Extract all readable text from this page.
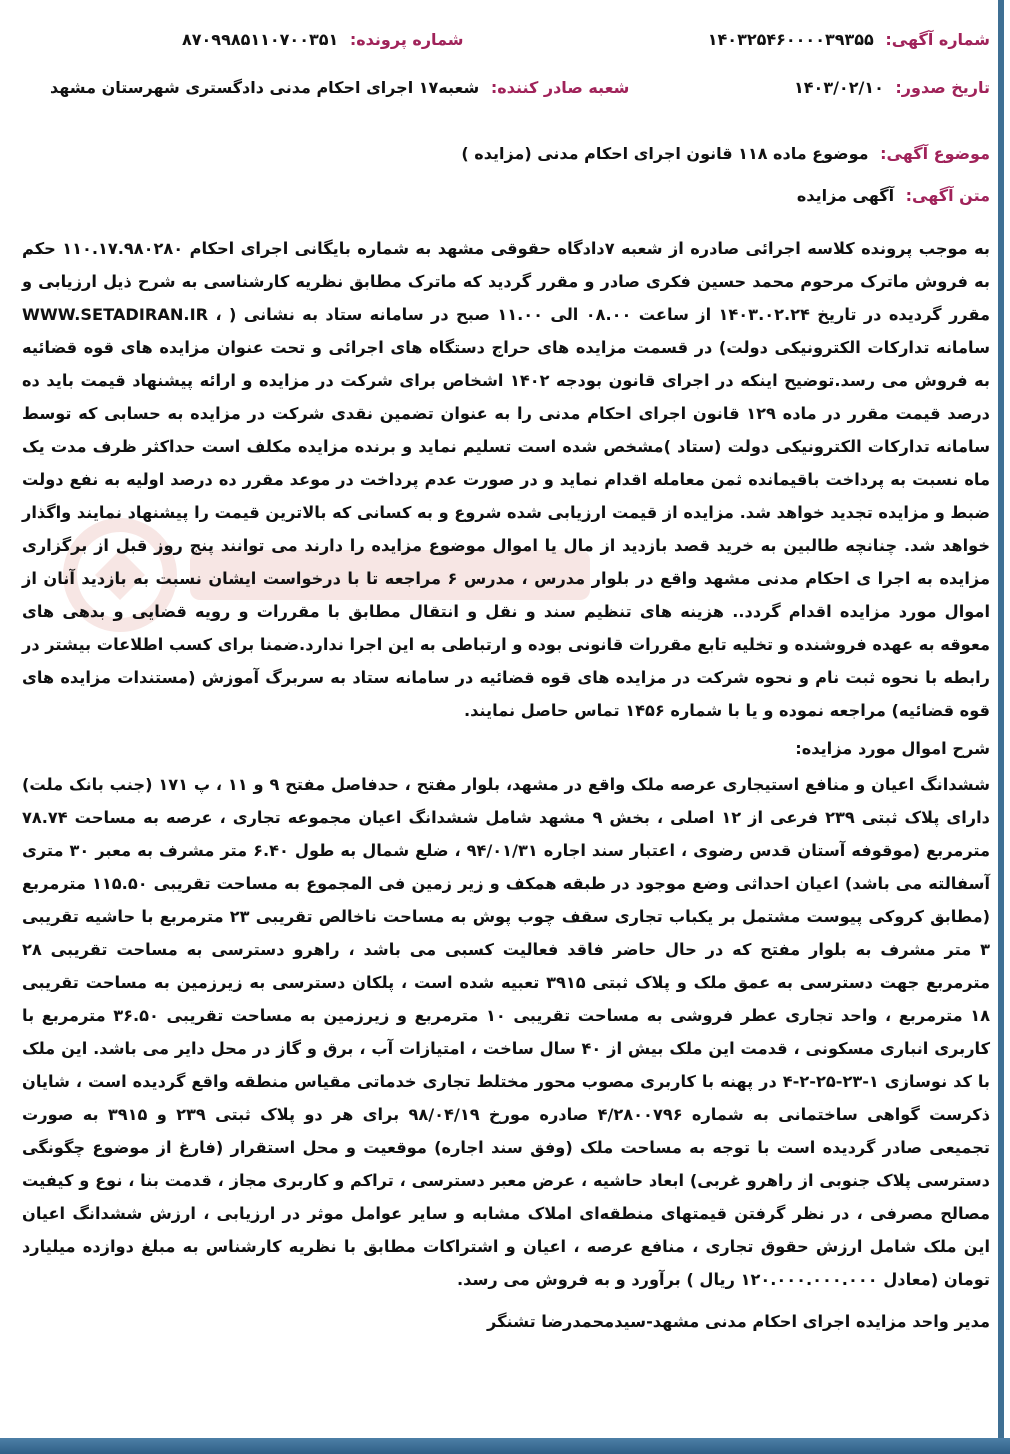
شماره آگهی: ۱۴۰۳۲۵۴۶۰۰۰۰۳۹۳۵۵
شماره پرونده: ۸۷۰۹۹۸۵۱۱۰۷۰۰۳۵۱
تاریخ صدور: ۱۴۰۳/۰۲/۱۰
شعبه صادر کننده: شعبه۱۷ اجرای احکام مدنی دادگستری شهرستان مشهد
موضوع آگهی: موضوع ماده ۱۱۸ قانون اجرای احکام مدنی (مزایده )
متن آگهی: آگهی مزایده
به موجب پرونده کلاسه اجرائی صادره از شعبه ۷دادگاه حقوقی مشهد به شماره بایگانی اجرای احکام ۱۱۰.۱۷.۹۸۰۲۸۰ حکم به فروش ماترک مرحوم محمد حسین فکری صادر و مقرر گردید که ماترک مطابق نظریه کارشناسی به شرح ذیل ارزیابی و مقرر گردیده در تاریخ ۱۴۰۳.۰۲.۲۴ از ساعت ۰۸.۰۰ الی ۱۱.۰۰ صبح در سامانه ستاد به نشانی ( ، WWW.SETADIRAN.IR سامانه تدارکات الکترونیکی دولت) در قسمت مزایده های حراج دستگاه های اجرائی و تحت عنوان مزایده های قوه قضائیه به فروش می رسد.توضیح اینکه در اجرای قانون بودجه ۱۴۰۲ اشخاص برای شرکت در مزایده و ارائه پیشنهاد قیمت باید ده درصد قیمت مقرر در ماده ۱۲۹ قانون اجرای احکام مدنی را به عنوان تضمین نقدی شرکت در مزایده به حسابی که توسط سامانه تدارکات الکترونیکی دولت (ستاد )مشخص شده است تسلیم نماید و برنده مزایده مکلف است حداکثر ظرف مدت یک ماه نسبت به پرداخت باقیمانده ثمن معامله اقدام نماید و در صورت عدم پرداخت در موعد مقرر ده درصد اولیه به نفع دولت ضبط و مزایده تجدید خواهد شد. مزایده از قیمت ارزیابی شده شروع و به کسانی که بالاترین قیمت را پیشنهاد نمایند واگذار خواهد شد. چنانچه طالبین به خرید قصد بازدید از مال یا اموال موضوع مزایده را دارند می توانند پنج روز قبل از برگزاری مزایده به اجرا ی احکام مدنی مشهد واقع در بلوار مدرس ، مدرس ۶ مراجعه تا با درخواست ایشان نسبت به بازدید آنان از اموال مورد مزایده اقدام گردد.. هزینه های تنظیم سند و نقل و انتقال مطابق با مقررات و رویه قضایی و بدهی های معوقه به عهده فروشنده و تخلیه تابع مقررات قانونی بوده و ارتباطی به این اجرا ندارد.ضمنا برای کسب اطلاعات بیشتر در رابطه با نحوه ثبت نام و نحوه شرکت در مزایده های قوه قضائیه در سامانه ستاد به سربرگ آموزش (مستندات مزایده های قوه قضائیه) مراجعه نموده و یا با شماره ۱۴۵۶ تماس حاصل نمایند.
شرح اموال مورد مزایده:
ششدانگ اعیان و منافع استیجاری عرصه ملک واقع در مشهد، بلوار مفتح ، حدفاصل مفتح ۹ و ۱۱ ، پ ۱۷۱ (جنب بانک ملت) دارای پلاک ثبتی ۲۳۹ فرعی از ۱۲ اصلی ، بخش ۹ مشهد شامل ششدانگ اعیان مجموعه تجاری ، عرصه به مساحت ۷۸.۷۴ مترمربع (موقوفه آستان قدس رضوی ، اعتبار سند اجاره ۹۴/۰۱/۳۱ ، ضلع شمال به طول ۶.۴۰ متر مشرف به معبر ۳۰ متری آسفالته می باشد) اعیان احداثی وضع موجود در طبقه همکف و زیر زمین فی المجموع به مساحت تقریبی ۱۱۵.۵۰ مترمربع (مطابق کروکی پیوست مشتمل بر یکباب تجاری سقف چوب پوش به مساحت ناخالص تقریبی ۲۳ مترمربع با حاشیه تقریبی ۳ متر مشرف به بلوار مفتح که در حال حاضر فاقد فعالیت کسبی می باشد ، راهرو دسترسی به مساحت تقریبی ۲۸ مترمربع جهت دسترسی به عمق ملک و پلاک ثبتی ۳۹۱۵ تعبیه شده است ، پلکان دسترسی به زیرزمین به مساحت تقریبی ۱۸ مترمربع ، واحد تجاری عطر فروشی به مساحت تقریبی ۱۰ مترمربع و زیرزمین به مساحت تقریبی ۳۶.۵۰ مترمربع با کاربری انباری مسکونی ، قدمت این ملک بیش از ۴۰ سال ساخت ، امتیازات آب ، برق و گاز در محل دایر می باشد. این ملک با کد نوسازی ۱-۲۳-۲۵-۲-۴ در پهنه با کاربری مصوب محور مختلط تجاری خدماتی مقیاس منطقه واقع گردیده است ، شایان ذکرست گواهی ساختمانی به شماره ۴/۲۸۰۰۷۹۶ صادره مورخ ۹۸/۰۴/۱۹ برای هر دو پلاک ثبتی ۲۳۹ و ۳۹۱۵ به صورت تجمیعی صادر گردیده است با توجه به مساحت ملک (وفق سند اجاره) موقعیت و محل استقرار (فارغ از موضوع چگونگی دسترسی پلاک جنوبی از راهرو غربی) ابعاد حاشیه ، عرض معبر دسترسی ، تراکم و کاربری مجاز ، قدمت بنا ، نوع و کیفیت مصالح مصرفی ، در نظر گرفتن قیمتهای منطقه‌ای املاک مشابه و سایر عوامل موثر در ارزیابی ، ارزش ششدانگ اعیان این ملک شامل ارزش حقوق تجاری ، منافع عرصه ، اعیان و اشتراکات مطابق با نظریه کارشناس به مبلغ دوازده میلیارد تومان (معادل ۱۲۰.۰۰۰.۰۰۰.۰۰۰ ریال ) برآورد و به فروش می رسد.
مدیر واحد مزایده اجرای احکام مدنی مشهد-سیدمحمدرضا تشنگر
